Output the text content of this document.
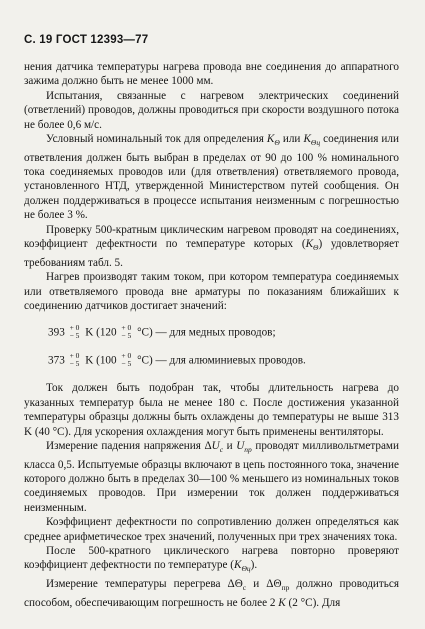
С. 19 ГОСТ 12393—77

нения датчика температуры нагрева провода вне соединения до аппаратного зажима должно быть не менее 1000 мм.

Испытания, связанные с нагревом электрических соединений (ответлений) проводов, должны проводиться при скорости воздушного потока не более 0,6 м/с.

Условный номинальный ток для определения $K_\Theta$ или $K_{\Theta ц}$ соединения или ответвления должен быть выбран в пределах от 90 до 100 % номинального тока соединяемых проводов или (для ответвления) ответвляемого провода, установленного НТД, утвержденной Министерством путей сообщения. Он должен поддерживаться в процессе испытания неизменным с погрешностью не более 3 %.

Проверку 500-кратным циклическим нагревом проводят на соединениях, коэффициент дефектности по температуре которых $(K_\Theta)$ удовлетворяет требованиям табл. 5.

Нагрев производят таким током, при котором температура соединяемых или ответвляемого провода вне арматуры по показаниям ближайших к соединению датчиков достигает значений:

393 + 0
− 5 K (120 + 0
− 5 °C) — для медных проводов;
373 + 0
− 5 K (100 + 0
− 5 °C) — для алюминиевых проводов.

Ток должен быть подобран так, чтобы длительность нагрева до указанных температур была не менее 180 с. После достижения указанной температуры образцы должны быть охлаждены до температуры не выше 313 K (40 °C). Для ускорения охлаждения могут быть применены вентиляторы.

Измерение падения напряжения $\Delta U_с$ и $U_{пр}$ проводят милливольтметрами класса 0,5. Испытуемые образцы включают в цепь постоянного тока, значение которого должно быть в пределах 30—100 % меньшего из номинальных токов соединяемых проводов. При измерении ток должен поддерживаться неизменным.

Коэффициент дефектности по сопротивлению должен определяться как среднее арифметическое трех значений, полученных при трех значениях тока.

После 500-кратного циклического нагрева повторно проверяют коэффициент дефектности по температуре $(K_{\Theta ц})$.

Измерение температуры перегрева $\Delta\Theta_с$ и $\Delta\Theta_{пр}$ должно проводиться способом, обеспечивающим погрешность не более 2 K (2 °C). Для
